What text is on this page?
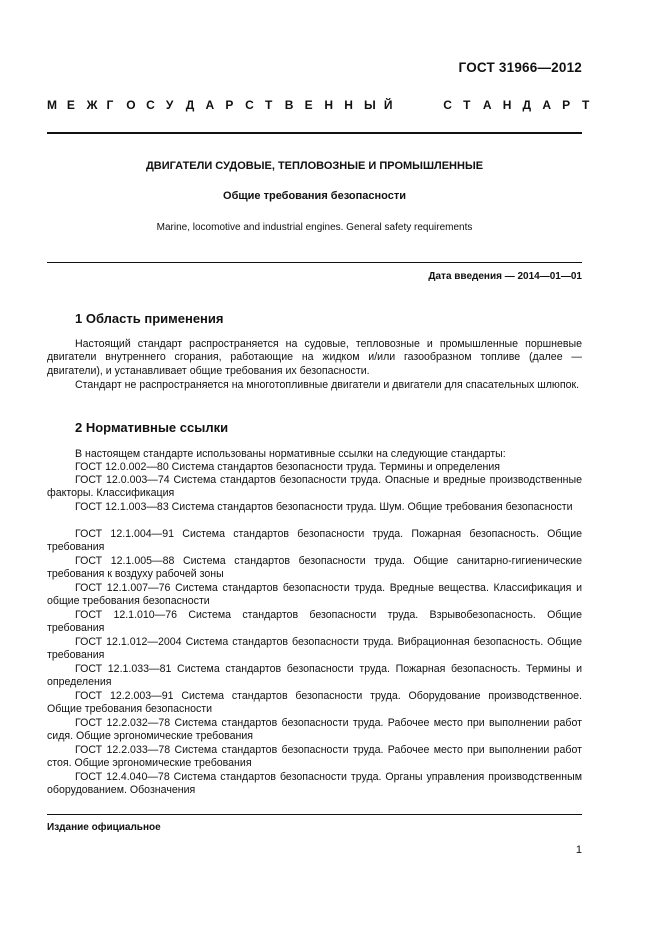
ГОСТ 31966—2012
М Е Ж Г О С У Д А Р С Т В Е Н Н Ы Й	С Т А Н Д А Р Т
ДВИГАТЕЛИ СУДОВЫЕ, ТЕПЛОВОЗНЫЕ И ПРОМЫШЛЕННЫЕ
Общие требования безопасности
Marine, locomotive and industrial engines. General safety requirements
Дата введения — 2014—01—01
1 Область применения
Настоящий стандарт распространяется на судовые, тепловозные и промышленные поршневые двигатели внутреннего сгорания, работающие на жидком и/или газообразном топливе (далее — двигатели), и устанавливает общие требования их безопасности.
Стандарт не распространяется на многотопливные двигатели и двигатели для спасательных шлюпок.
2 Нормативные ссылки
В настоящем стандарте использованы нормативные ссылки на следующие стандарты:
ГОСТ 12.0.002—80 Система стандартов безопасности труда. Термины и определения
ГОСТ 12.0.003—74 Система стандартов безопасности труда. Опасные и вредные производственные факторы. Классификация
ГОСТ 12.1.003—83 Система стандартов безопасности труда. Шум. Общие требования безопасности
ГОСТ 12.1.004—91 Система стандартов безопасности труда. Пожарная безопасность. Общие требования
ГОСТ 12.1.005—88 Система стандартов безопасности труда. Общие санитарно-гигиенические требования к воздуху рабочей зоны
ГОСТ 12.1.007—76 Система стандартов безопасности труда. Вредные вещества. Классификация и общие требования безопасности
ГОСТ 12.1.010—76 Система стандартов безопасности труда. Взрывобезопасность. Общие требования
ГОСТ 12.1.012—2004 Система стандартов безопасности труда. Вибрационная безопасность. Общие требования
ГОСТ 12.1.033—81 Система стандартов безопасности труда. Пожарная безопасность. Термины и определения
ГОСТ 12.2.003—91 Система стандартов безопасности труда. Оборудование производственное. Общие требования безопасности
ГОСТ 12.2.032—78 Система стандартов безопасности труда. Рабочее место при выполнении работ сидя. Общие эргономические требования
ГОСТ 12.2.033—78 Система стандартов безопасности труда. Рабочее место при выполнении работ стоя. Общие эргономические требования
ГОСТ 12.4.040—78 Система стандартов безопасности труда. Органы управления производственным оборудованием. Обозначения
Издание официальное
1
